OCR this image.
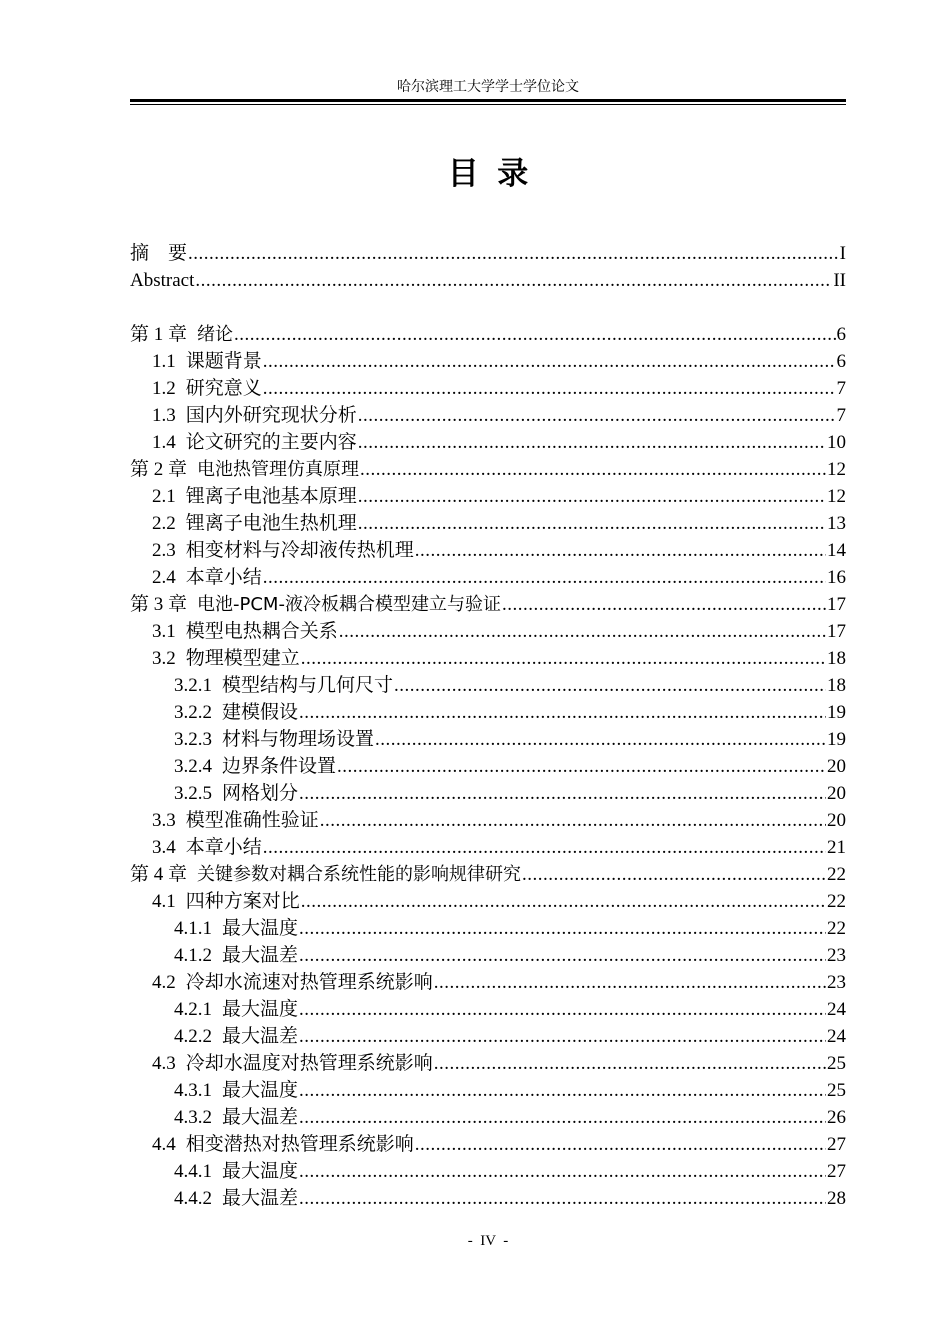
哈尔滨理工大学学士学位论文
目录
摘　要 .....	I
Abstract .....	II
第 1 章 绪论 .....	6
1.1 课题背景 .....	6
1.2 研究意义 .....	7
1.3 国内外研究现状分析 .....	7
1.4 论文研究的主要内容 .....	10
第 2 章 电池热管理仿真原理 .....	12
2.1 锂离子电池基本原理 .....	12
2.2 锂离子电池生热机理 .....	13
2.3 相变材料与冷却液传热机理 .....	14
2.4 本章小结 .....	16
第 3 章 电池-PCM-液冷板耦合模型建立与验证 .....	17
3.1 模型电热耦合关系 .....	17
3.2 物理模型建立 .....	18
3.2.1 模型结构与几何尺寸 .....	18
3.2.2 建模假设 .....	19
3.2.3 材料与物理场设置 .....	19
3.2.4 边界条件设置 .....	20
3.2.5 网格划分 .....	20
3.3 模型准确性验证 .....	20
3.4 本章小结 .....	21
第 4 章 关键参数对耦合系统性能的影响规律研究 .....	22
4.1 四种方案对比 .....	22
4.1.1 最大温度 .....	22
4.1.2 最大温差 .....	23
4.2 冷却水流速对热管理系统影响 .....	23
4.2.1 最大温度 .....	24
4.2.2 最大温差 .....	24
4.3 冷却水温度对热管理系统影响 .....	25
4.3.1 最大温度 .....	25
4.3.2 最大温差 .....	26
4.4 相变潜热对热管理系统影响 .....	27
4.4.1 最大温度 .....	27
4.4.2 最大温差 .....	28
-  IV  -
